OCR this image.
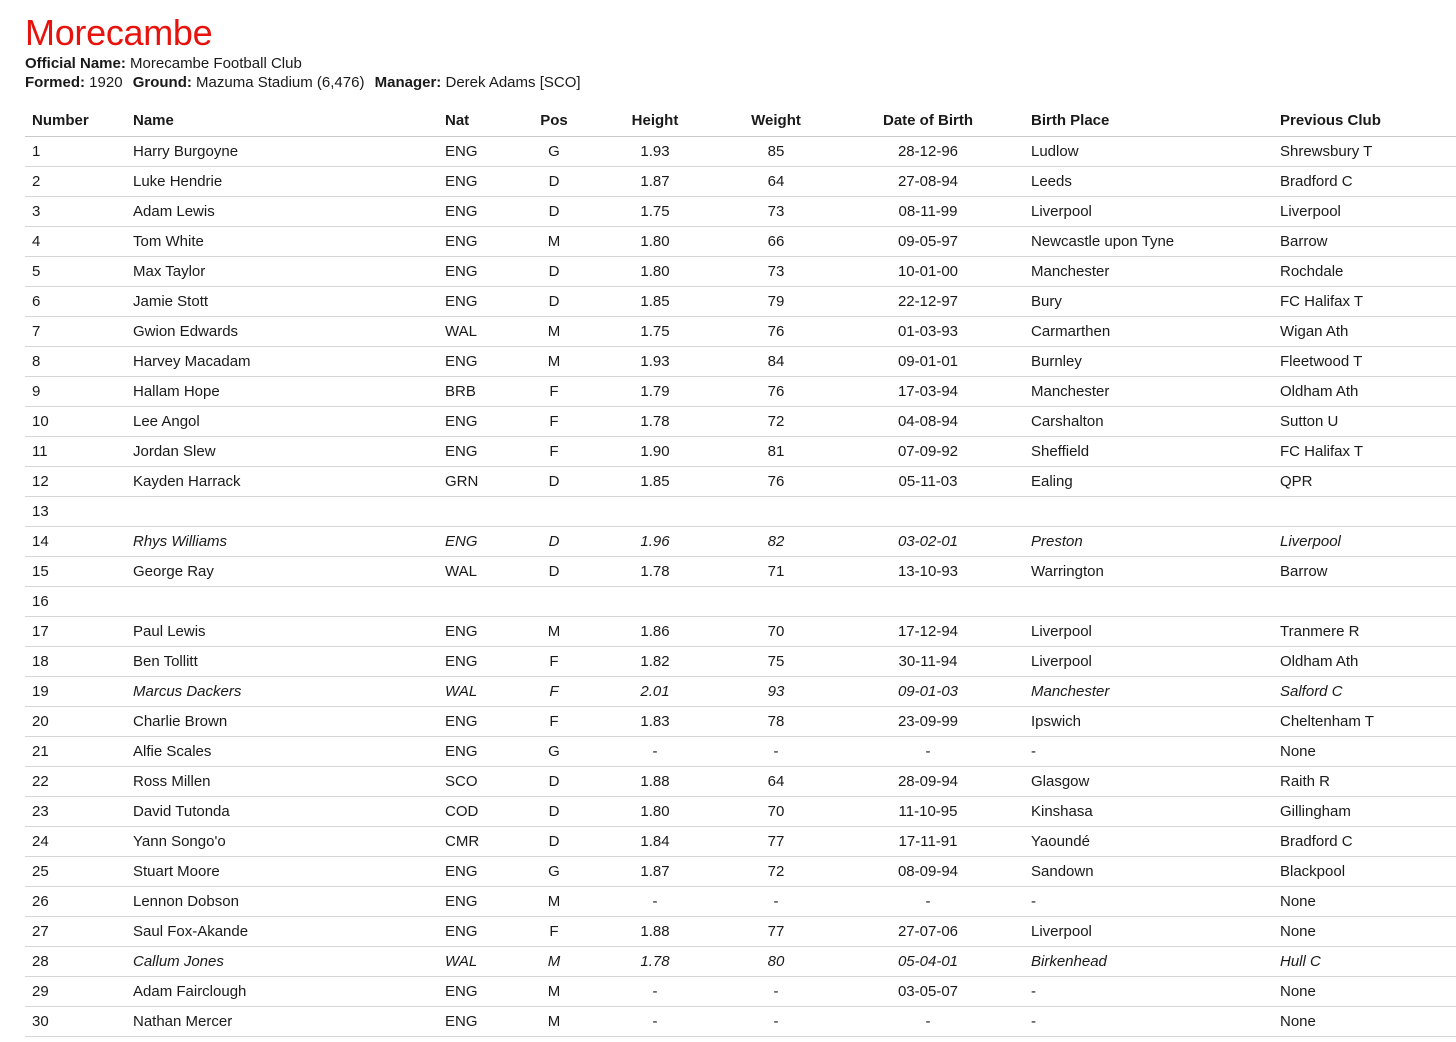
Morecambe
Official Name: Morecambe Football Club
Formed: 1920 Ground: Mazuma Stadium (6,476) Manager: Derek Adams [SCO]
Number	Name	Nat	Pos	Height	Weight	Date of Birth	Birth Place	Previous Club
1	Harry Burgoyne	ENG	G	1.93	85	28-12-96	Ludlow	Shrewsbury T
2	Luke Hendrie	ENG	D	1.87	64	27-08-94	Leeds	Bradford C
3	Adam Lewis	ENG	D	1.75	73	08-11-99	Liverpool	Liverpool
4	Tom White	ENG	M	1.80	66	09-05-97	Newcastle upon Tyne	Barrow
5	Max Taylor	ENG	D	1.80	73	10-01-00	Manchester	Rochdale
6	Jamie Stott	ENG	D	1.85	79	22-12-97	Bury	FC Halifax T
7	Gwion Edwards	WAL	M	1.75	76	01-03-93	Carmarthen	Wigan Ath
8	Harvey Macadam	ENG	M	1.93	84	09-01-01	Burnley	Fleetwood T
9	Hallam Hope	BRB	F	1.79	76	17-03-94	Manchester	Oldham Ath
10	Lee Angol	ENG	F	1.78	72	04-08-94	Carshalton	Sutton U
11	Jordan Slew	ENG	F	1.90	81	07-09-92	Sheffield	FC Halifax T
12	Kayden Harrack	GRN	D	1.85	76	05-11-03	Ealing	QPR
13								
14	Rhys Williams	ENG	D	1.96	82	03-02-01	Preston	Liverpool
15	George Ray	WAL	D	1.78	71	13-10-93	Warrington	Barrow
16								
17	Paul Lewis	ENG	M	1.86	70	17-12-94	Liverpool	Tranmere R
18	Ben Tollitt	ENG	F	1.82	75	30-11-94	Liverpool	Oldham Ath
19	Marcus Dackers	WAL	F	2.01	93	09-01-03	Manchester	Salford C
20	Charlie Brown	ENG	F	1.83	78	23-09-99	Ipswich	Cheltenham T
21	Alfie Scales	ENG	G	-	-	-	-	None
22	Ross Millen	SCO	D	1.88	64	28-09-94	Glasgow	Raith R
23	David Tutonda	COD	D	1.80	70	11-10-95	Kinshasa	Gillingham
24	Yann Songo'o	CMR	D	1.84	77	17-11-91	Yaoundé	Bradford C
25	Stuart Moore	ENG	G	1.87	72	08-09-94	Sandown	Blackpool
26	Lennon Dobson	ENG	M	-	-	-	-	None
27	Saul Fox-Akande	ENG	F	1.88	77	27-07-06	Liverpool	None
28	Callum Jones	WAL	M	1.78	80	05-04-01	Birkenhead	Hull C
29	Adam Fairclough	ENG	M	-	-	03-05-07	-	None
30	Nathan Mercer	ENG	M	-	-	-	-	None
